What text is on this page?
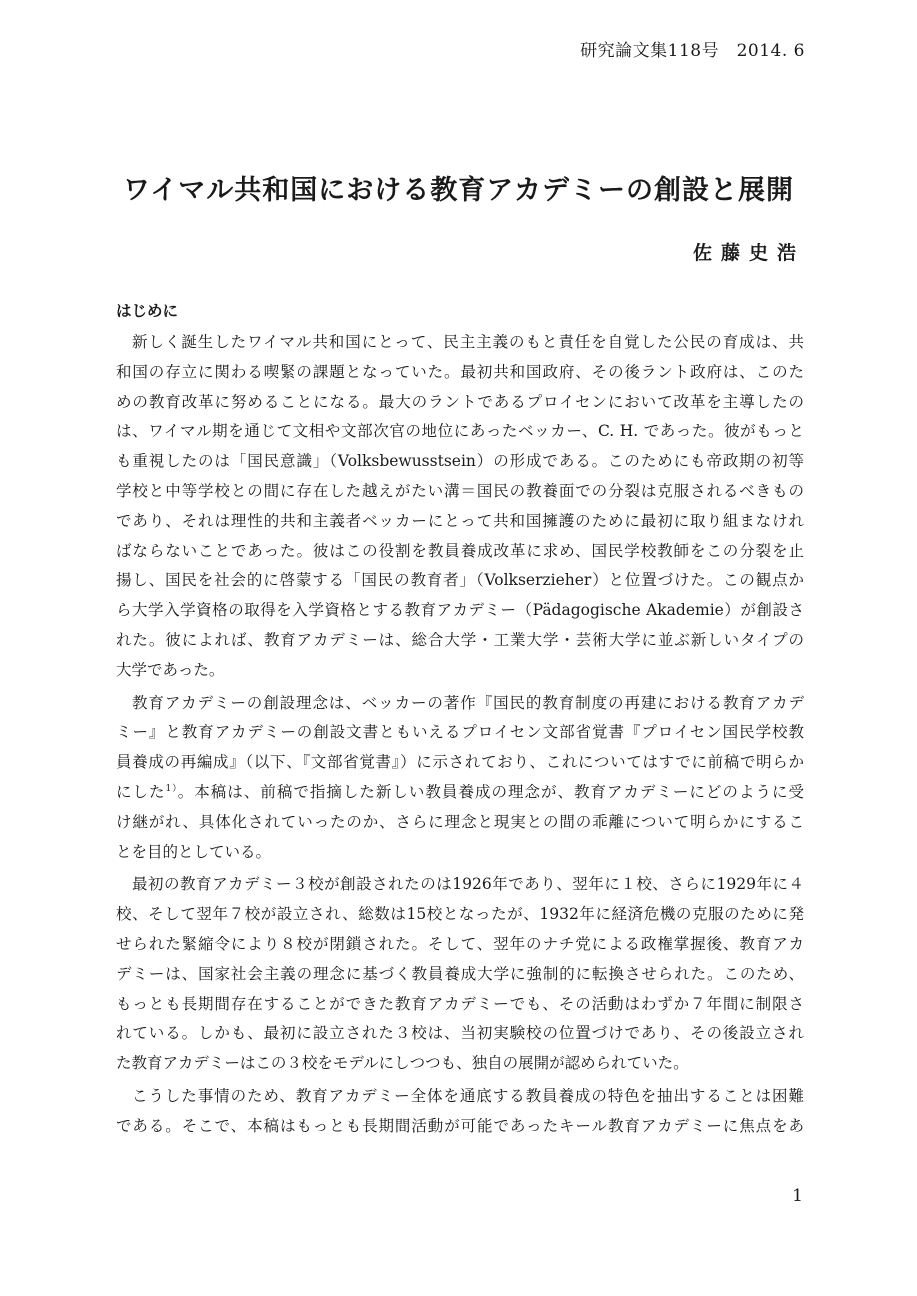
研究論文集118号　2014. 6
ワイマル共和国における教育アカデミーの創設と展開
佐藤史浩
はじめに

新しく誕生したワイマル共和国にとって、民主主義のもと責任を自覚した公民の育成は、共
和国の存立に関わる喫緊の課題となっていた。最初共和国政府、その後ラント政府は、このた
めの教育改革に努めることになる。最大のラントであるプロイセンにおいて改革を主導したの
は、ワイマル期を通じて文相や文部次官の地位にあったベッカー、C. H. であった。彼がもっと
も重視したのは「国民意識」（Volksbewusstsein）の形成である。このためにも帝政期の初等
学校と中等学校との間に存在した越えがたい溝＝国民の教養面での分裂は克服されるべきもの
であり、それは理性的共和主義者ベッカーにとって共和国擁護のために最初に取り組まなけれ
ばならないことであった。彼はこの役割を教員養成改革に求め、国民学校教師をこの分裂を止
揚し、国民を社会的に啓蒙する「国民の教育者」（Volkserzieher）と位置づけた。この観点か
ら大学入学資格の取得を入学資格とする教育アカデミー（Pädagogische Akademie）が創設さ
れた。彼によれば、教育アカデミーは、総合大学・工業大学・芸術大学に並ぶ新しいタイプの
大学であった。

教育アカデミーの創設理念は、ベッカーの著作『国民的教育制度の再建における教育アカデ
ミー』と教育アカデミーの創設文書ともいえるプロイセン文部省覚書『プロイセン国民学校教
員養成の再編成』（以下、『文部省覚書』）に示されており、これについてはすでに前稿で明らか
にした$^{1)}$。本稿は、前稿で指摘した新しい教員養成の理念が、教育アカデミーにどのように受
け継がれ、具体化されていったのか、さらに理念と現実との間の乖離について明らかにするこ
とを目的としている。

最初の教育アカデミー３校が創設されたのは1926年であり、翌年に１校、さらに1929年に４
校、そして翌年７校が設立され、総数は15校となったが、1932年に経済危機の克服のために発
せられた緊縮令により８校が閉鎖された。そして、翌年のナチ党による政権掌握後、教育アカ
デミーは、国家社会主義の理念に基づく教員養成大学に強制的に転換させられた。このため、
もっとも長期間存在することができた教育アカデミーでも、その活動はわずか７年間に制限さ
れている。しかも、最初に設立された３校は、当初実験校の位置づけであり、その後設立され
た教育アカデミーはこの３校をモデルにしつつも、独自の展開が認められていた。

こうした事情のため、教育アカデミー全体を通底する教員養成の特色を抽出することは困難
である。そこで、本稿はもっとも長期間活動が可能であったキール教育アカデミーに焦点をあ

1
